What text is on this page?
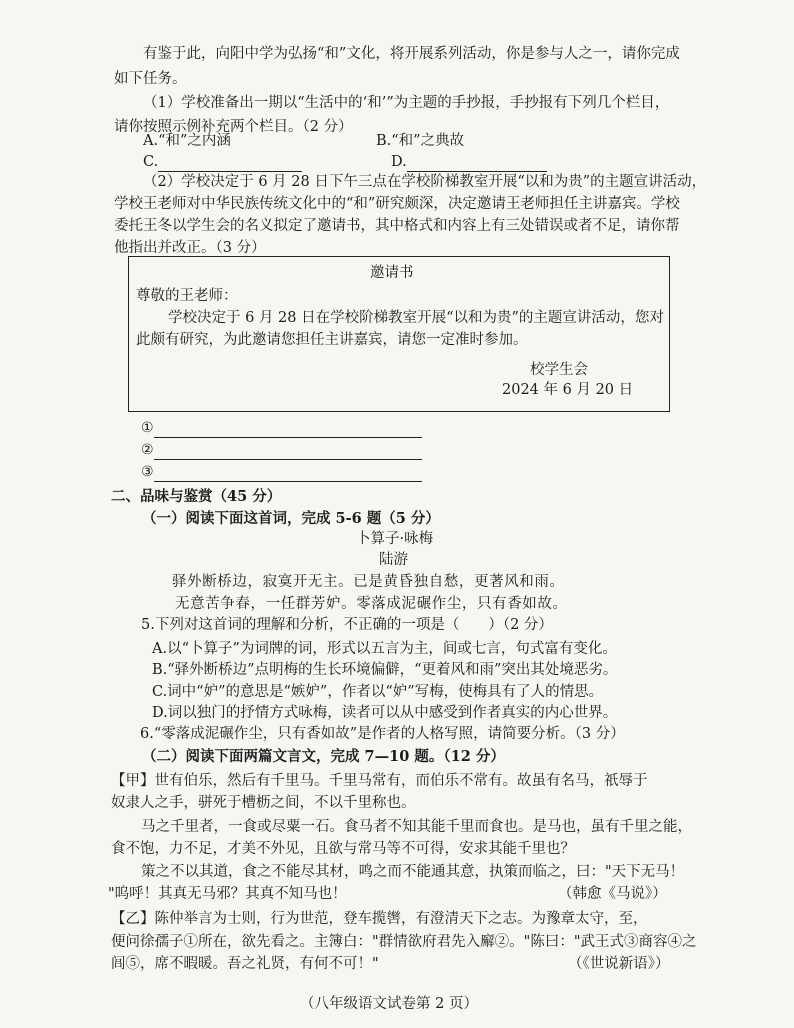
有鉴于此，向阳中学为弘扬“和”文化，将开展系列活动，你是参与人之一，请你完成
如下任务。
（1）学校准备出一期以“生活中的‘和’”为主题的手抄报，手抄报有下列几个栏目，
请你按照示例补充两个栏目。（2 分）
A.“和”之内涵	B.“和”之典故
C.	D.
（2）学校决定于 6 月 28 日下午三点在学校阶梯教室开展“以和为贵”的主题宣讲活动，
学校王老师对中华民族传统文化中的“和”研究颇深，决定邀请王老师担任主讲嘉宾。学校
委托王冬以学生会的名义拟定了邀请书，其中格式和内容上有三处错误或者不足，请你帮
他指出并改正。（3 分）
邀请书
尊敬的王老师：
学校决定于 6 月 28 日在学校阶梯教室开展“以和为贵”的主题宣讲活动，您对
此颇有研究，为此邀请您担任主讲嘉宾，请您一定准时参加。
校学生会
2024 年 6 月 20 日
①
②
③
二、品味与鉴赏（45 分）
（一）阅读下面这首词，完成 5-6 题（5 分）
卜算子·咏梅
陆游
驿外断桥边，寂寞开无主。已是黄昏独自愁，更著风和雨。
无意苦争春，一任群芳妒。零落成泥碾作尘，只有香如故。
5.下列对这首词的理解和分析，不正确的一项是（　　）（2 分）
A.以“卜算子”为词牌的词，形式以五言为主，间或七言，句式富有变化。
B.“驿外断桥边”点明梅的生长环境偏僻，“更着风和雨”突出其处境恶劣。
C.词中“妒”的意思是“嫉妒”，作者以“妒”写梅，使梅具有了人的情思。
D.词以独门的抒情方式咏梅，读者可以从中感受到作者真实的内心世界。
6.“零落成泥碾作尘，只有香如故”是作者的人格写照，请简要分析。（3 分）
（二）阅读下面两篇文言文，完成 7—10 题。（12 分）
【甲】世有伯乐，然后有千里马。千里马常有，而伯乐不常有。故虽有名马，祇辱于
奴隶人之手，骈死于槽枥之间，不以千里称也。
马之千里者，一食或尽粟一石。食马者不知其能千里而食也。是马也，虽有千里之能，
食不饱，力不足，才美不外见，且欲与常马等不可得，安求其能千里也？
策之不以其道，食之不能尽其材，鸣之而不能通其意，执策而临之，曰："天下无马！
"呜呼！其真无马邪？其真不知马也！	（韩愈《马说》）
【乙】陈仲举言为士则，行为世范，登车揽辔，有澄清天下之志。为豫章太守，至，
便问徐孺子①所在，欲先看之。主簿白："群情欲府君先入廨②。"陈曰："武王式③商容④之
闾⑤，席不暇暖。吾之礼贤，有何不可！"	（《世说新语》）
（八年级语文试卷第 2 页）
